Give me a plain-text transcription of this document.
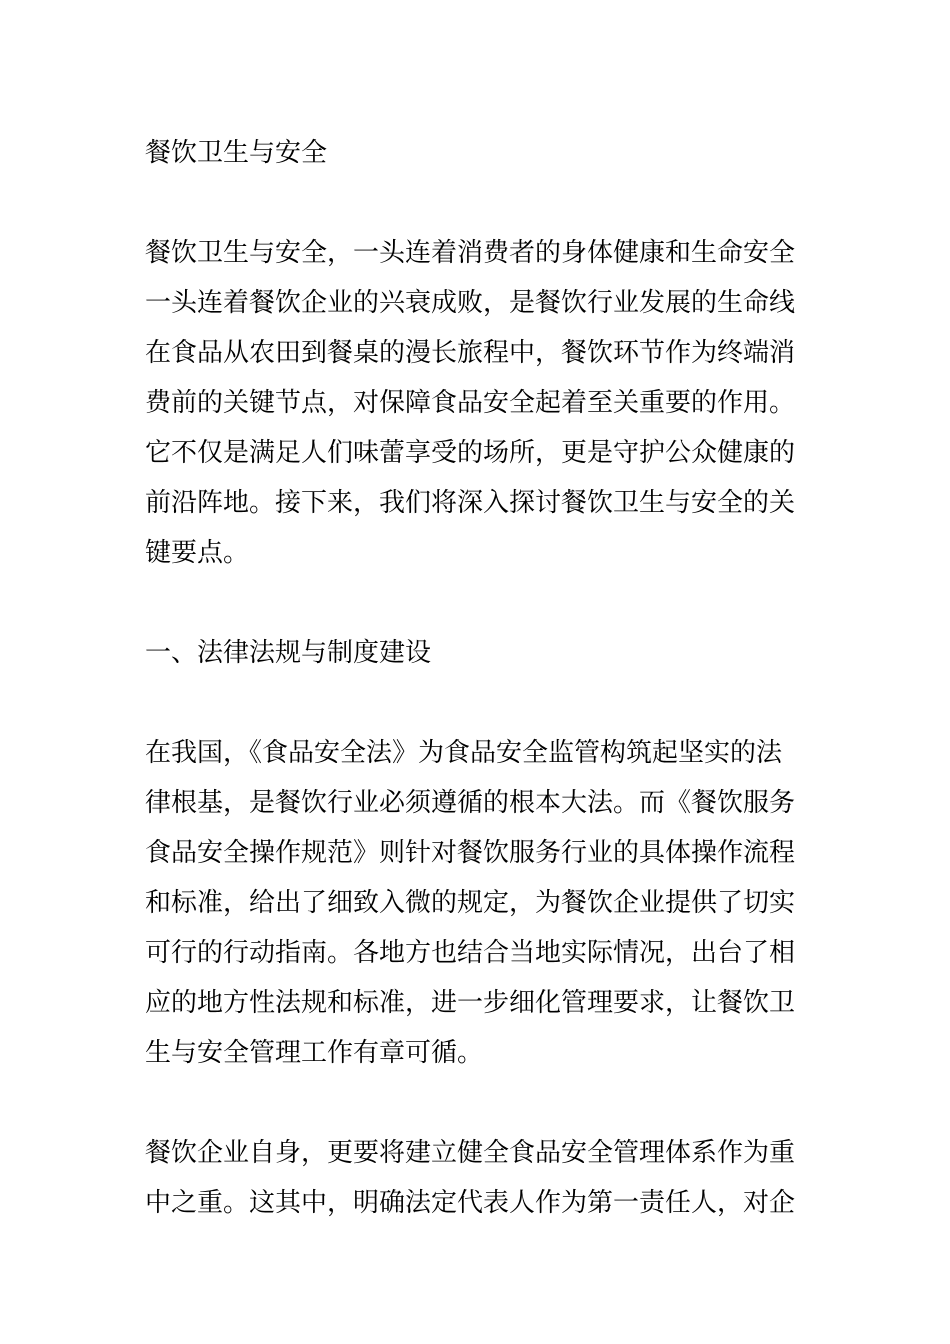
餐饮卫生与安全
餐饮卫生与安全，一头连着消费者的身体健康和生命安全
一头连着餐饮企业的兴衰成败，是餐饮行业发展的生命线
在食品从农田到餐桌的漫长旅程中，餐饮环节作为终端消
费前的关键节点，对保障食品安全起着至关重要的作用。
它不仅是满足人们味蕾享受的场所，更是守护公众健康的
前沿阵地。接下来，我们将深入探讨餐饮卫生与安全的关
键要点。
一、法律法规与制度建设
在我国，《食品安全法》为食品安全监管构筑起坚实的法
律根基，是餐饮行业必须遵循的根本大法。而《餐饮服务
食品安全操作规范》则针对餐饮服务行业的具体操作流程
和标准，给出了细致入微的规定，为餐饮企业提供了切实
可行的行动指南。各地方也结合当地实际情况，出台了相
应的地方性法规和标准，进一步细化管理要求，让餐饮卫
生与安全管理工作有章可循。
餐饮企业自身，更要将建立健全食品安全管理体系作为重
中之重。这其中，明确法定代表人作为第一责任人，对企
